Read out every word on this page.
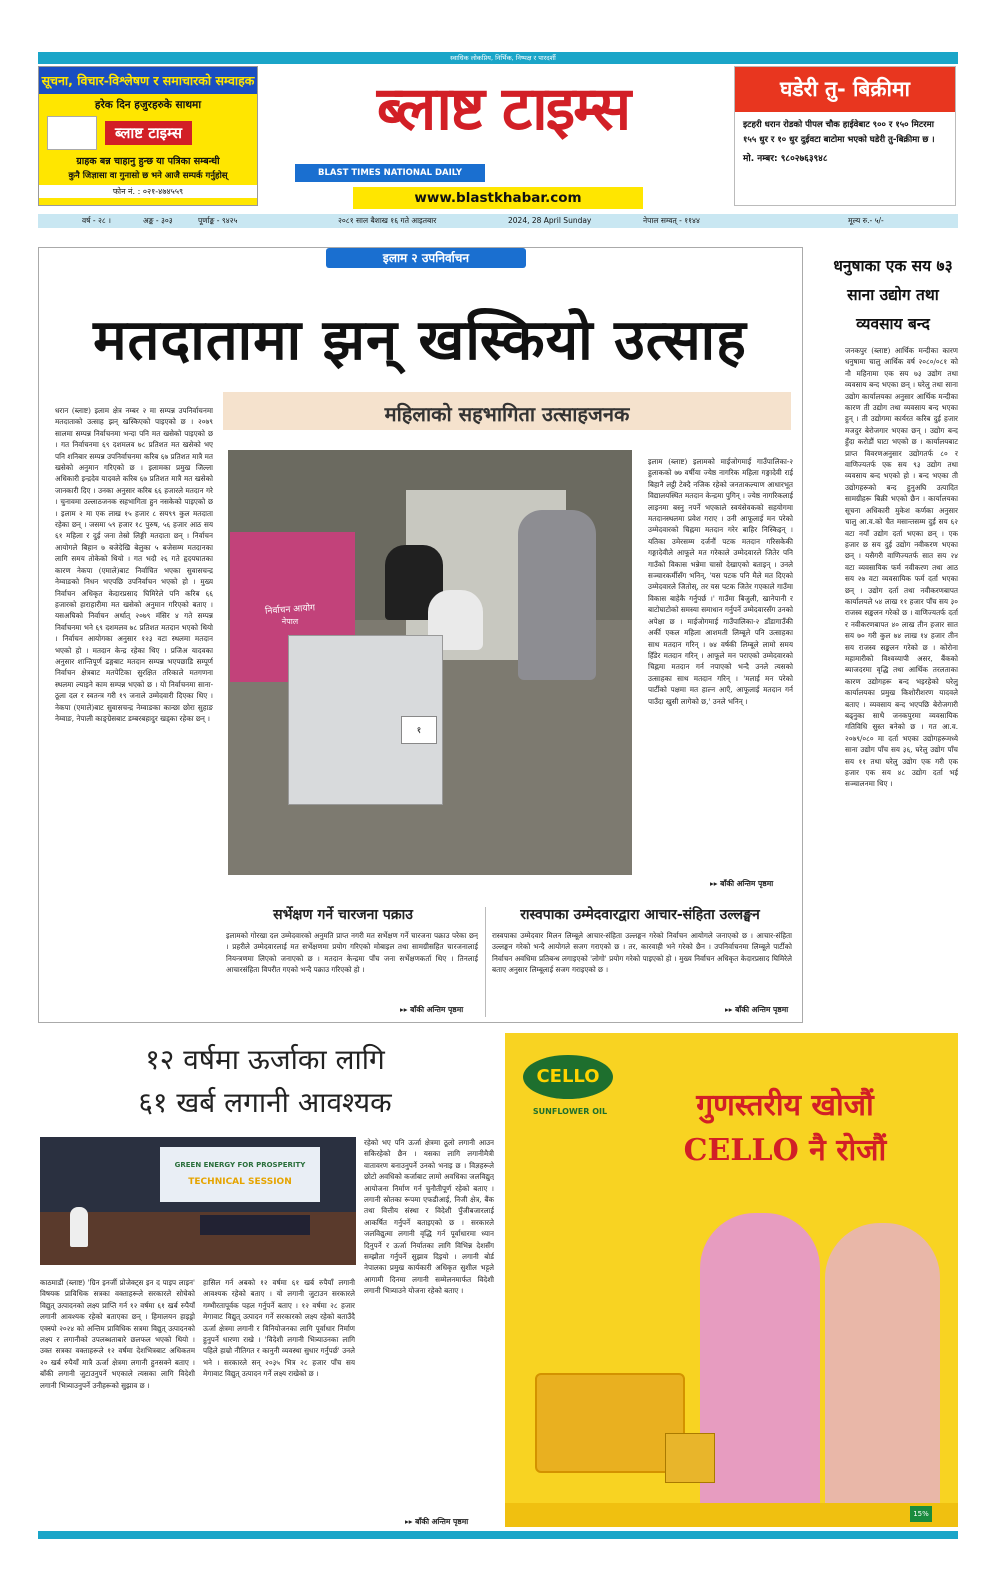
स्वाधिक लोकप्रिय, निर्भिक, निष्पक्ष र पारदर्शी
सूचना, विचार-विश्लेषण र समाचारको सम्वाहक
हरेक दिन हजुरहरुके साथमा
ब्लाष्ट टाइम्स
ग्राहक बन्न चाहानु हुन्छ या पत्रिका सम्बन्धी
कुनै जिज्ञासा वा गुनासो छ भने आजै सम्पर्क गर्नुहोस्
फोन नं. : ०२१-४७४५५९
ब्लाष्ट टाइम्स
BLAST TIMES NATIONAL DAILY
www.blastkhabar.com
घडेरी तु- बिक्रीमा
इटहरी धरान रोडको पीपल चौक हाईवेबाट ९०० र १५० मिटरमा १५५ धुर र १० धुर दुईवटा बाटोमा भएको घडेरी तु-बिक्रीमा छ ।
मो. नम्बर: ९८०२७६३९४८
वर्ष - २८ ।	अङ्क - ३०३	पूर्णाङ्क - ९४२५	२०८१ साल बैशाख १६ गते आइतबार	2024, 28 April Sunday	नेपाल सम्वत् - ११४४	मूल्य रु.- ५/-
इलाम २ उपनिर्वाचन
मतदातामा झन् खस्कियो उत्साह
धरान (ब्लाष्ट) इलाम क्षेत्र नम्बर २ मा सम्पन्न उपनिर्वाचनमा मतदाताको उत्साह झन् खस्किएको पाइएको छ । २०७९ सालमा सम्पन्न निर्वाचनमा भन्दा पनि मत खसेको पाइएको छ । गत निर्वाचनमा ६९ दशमलव ७८ प्रतिशत मत खसेको भए पनि शनिबार सम्पन्न उपनिर्वाचनमा करिब ६७ प्रतिशत मात्रै मत खसेको अनुमान गरिएको छ । इलामका प्रमुख जिल्ला अधिकारी इन्द्रदेव यादवले करिब ६७ प्रतिशत मात्रै मत खसेको जानकारी दिए । उनका अनुसार करिब ६६ हजारले मतदान गरे । चुनावमा उल्लाठजनक सहभागिता हुन नसकेको पाइएको छ । इलाम २ मा एक लाख १५ हजार ८ सय९९ कुल मतदाता रहेका छन् । जसमा ५९ हजार १८ पुरुष, ५६ हजार आठ सय ६१ महिला र दुई जना तेस्रो लिङ्गी मतदाता छन् । निर्वाचन आयोगले बिहान ७ बजेदेखि बेलुका ५ बजेसम्म मतदानका लागि समय तोकेको थियो । गत भदौ २६ गते हृदयघातका कारण नेकपा (एमाले)बाट निर्वाचित भएका सुवासचन्द्र नेम्वाङको निधन भएपछि उपनिर्वाचन भएको हो । मुख्य निर्वाचन अधिकृत केदारप्रसाद घिमिरेले पनि करिब ६६ हजारको हाराहारीमा मत खसेको अनुमान गरिएको बताए । यसअघिको निर्वाचन अर्थात् २०७९ मंसिर ४ गते सम्पन्न निर्वाचनमा भने ६९ दशमलव ७८ प्रतिशत मतदान भएको थियो । निर्वाचन आयोगका अनुसार १२३ वटा स्थलमा मतदान भएको हो । मतदान केन्द्र रहेका थिए । प्रजिअ यादवका अनुसार शान्तिपूर्ण ढङ्गबाट मतदान सम्पन्न भएपछाडि सम्पूर्ण निर्वाचन क्षेत्रबाट मतपेटिका सुरक्षित तरिकाले मतगणना स्थलमा ल्याइने काम सम्पन्न भएको छ । यो निर्वाचनमा साना-ठूला दल र स्वतन्त्र गरी १९ जनाले उम्मेदवारी दिएका थिए । नेकपा (एमाले)बाट सुवासचन्द्र नेम्वाङका कान्छा छोरा सुहाङ नेम्वाङ, नेपाली काङ्ग्रेसबाट डम्बरबहादुर खड्का रहेका छन् ।
महिलाको सहभागिता उत्साहजनक
निर्वाचन आयोग
नेपाल
१
इलाम (ब्लाष्ट) इलामको माईजोगमाई गाउँपालिका-२ हुलाकको ७७ वर्षीया ज्येष्ठ नागरिक महिला गङ्गादेवी राई बिहानै लट्ठी टेक्दै नजिक रहेको जनताकल्याण आधारभूत विद्यालयस्थित मतदान केन्द्रमा पुगिन् । ज्येष्ठ नागरिकलाई लाइनमा बस्नु नपर्ने भएकाले स्वयंसेवकको सहयोगमा मतदानस्थलमा प्रवेश गराए । उनी आफूलाई मन परेको उम्मेदवारको चिह्नमा मतदान गरेर बाहिर निस्किइन् । यतिका उमेरसम्म दर्जनौं पटक मतदान गरिसकेकी गङ्गादेवीले आफूले मत गरेकाले उम्मेदवारले जितेर पनि गाउँको विकास भन्नेमा चासो देखाएको बताइन् । उनले सञ्चारकर्मीसँग भनिन्, 'यस पटक पनि मैले मत दिएको उम्मेदवारले जितोस्, तर यस पटक जितेर गएकाले गाउँमा विकास बाहेकै गर्नुपर्छ ।' गाउँमा बिजुली, खानेपानी र बाटोघाटोको समस्या समाधान गर्नुपर्ने उम्मेदवारसँग उनको अपेक्षा छ । माईजोगमाई गाउँपालिका-२ डाँडागाउँकी अर्की एकल महिला आशमती लिम्बूले पनि उत्साहका साथ मतदान गरिन् । ७४ वर्षकी लिम्बूले लामो समय हिँडेर मतदान गरिन् । आफूले मन पराएको उम्मेदवारको चिह्नमा मतदान गर्न नपाएको भन्दै उनले त्यसको उत्साहका साथ मतदान गरिन् । 'मलाई मन परेको पार्टीको पक्षमा मत हाल्न आएँ, आफूलाई मतदान गर्न पाउँदा खुसी लागेको छ,' उनले भनिन् ।
▸▸ बाँकी अन्तिम पृष्ठमा
सर्भेक्षण गर्ने चारजना पक्राउ
इलामको गोरखा दल उम्मेदवारको अनुमति प्राप्त नगरी मत सर्भेक्षण गर्ने चारजना पक्राउ परेका छन् । प्रहरीले उम्मेदवारलाई मत सर्भेक्षणमा प्रयोग गरिएको मोबाइल तथा सामग्रीसहित चारजनालाई नियन्त्रणमा लिएको जनाएको छ । मतदान केन्द्रमा पाँच जना सर्भेक्षणकर्ता थिए । तिनलाई आचारसंहिता विपरीत गएको भन्दै पक्राउ गरिएको हो ।
▸▸ बाँकी अन्तिम पृष्ठमा
रास्वपाका उम्मेदवारद्वारा आचार-संहिता उल्लङ्घन
रास्वपाका उम्मेदवार मिलन लिम्बूले आचार-संहिता उल्लङ्घन गरेको निर्वाचन आयोगले जनाएको छ । आचार-संहिता उल्लङ्घन गरेको भन्दै आयोगले सजग गराएको छ । तर, कारवाही भने गरेको छैन । उपनिर्वाचनमा लिम्बूले पार्टीको निर्वाचन अवधिमा प्रतिबन्ध लगाइएको 'लोगो' प्रयोग गरेको पाइएको हो । मुख्य निर्वाचन अधिकृत केदारप्रसाद घिमिरेले बताए अनुसार लिम्बूलाई सजग गराइएको छ ।
▸▸ बाँकी अन्तिम पृष्ठमा
धनुषाका एक सय ७३ साना उद्योग तथा व्यवसाय बन्द
जनकपुर (ब्लाष्ट) आर्थिक मन्दीका कारण धनुषामा चालु आर्थिक वर्ष २०८०/०८१ को नौ महिनामा एक सय ७३ उद्योग तथा व्यवसाय बन्द भएका छन् । घरेलु तथा साना उद्योग कार्यालयका अनुसार आर्थिक मन्दीका कारण ती उद्योग तथा व्यवसाय बन्द भएका हुन् । ती उद्योगमा कार्यरत करिब दुई हजार मजदुर बेरोजगार भएका छन् । उद्योग बन्द हुँदा करोडौं घाटा भएको छ । कार्यालयबाट प्राप्त विवरणअनुसार उद्योगतर्फ ८० र वाणिज्यतर्फ एक सय ९३ उद्योग तथा व्यवसाय बन्द भएको हो । बन्द भएका ती उद्योगहरूको बन्द हुनुअघि उत्पादित सामग्रीहरू बिक्री भएको छैन । कार्यालयका सूचना अधिकारी मुकेश कर्णका अनुसार चालु आ.व.को चैत मसान्तसम्म दुई सय ६२ वटा नयाँ उद्योग दर्ता भएका छन् । एक हजार छ सय दुई उद्योग नवीकरण भएका छन् । यसैगरी वाणिज्यतर्फ सात सय २४ वटा व्यवसायिक फर्म नवीकरण तथा आठ सय २७ वटा व्यवसायिक फर्म दर्ता भएका छन् । उद्योग दर्ता तथा नवीकरणबापत कार्यालयले ५४ लाख ११ हजार पाँच सय ३० राजस्व सङ्कलन गरेको छ । वाणिज्यतर्फ दर्ता र नवीकरणबापत ४० लाख तीन हजार सात सय ७० गरी कुल ७४ लाख १४ हजार तीन सय राजस्व सङ्कलन गरेको छ । कोरोना महामारीको विश्वव्यापी असर, बैंकको ब्याजदरमा वृद्धि तथा आर्थिक तरलताका कारण उद्योगहरू बन्द भइरहेको घरेलु कार्यालयका प्रमुख किशोरीशरण यादवले बताए । व्यवसाय बन्द भएपछि बेरोजगारी बढ्नुका साथै जनकपुरमा व्यवसायिक गतिविधि सुस्त बनेको छ । गत आ.व. २०७९/०८० मा दर्ता भएका उद्योगहरूमध्ये साना उद्योग पाँच सय ३६, घरेलु उद्योग पाँच सय ११ तथा घरेलु उद्योग एक गरी एक हजार एक सय ४८ उद्योग दर्ता भई सञ्चालनमा थिए ।
१२ वर्षमा ऊर्जाका लागि
६१ खर्ब लगानी आवश्यक
GREEN ENERGY FOR PROSPERITY
TECHNICAL SESSION
काठमाडौं (ब्लाष्ट) 'ग्रिन इनर्जी प्रोजेक्ट्स इन द पाइप लाइन' विषयक प्राविधिक सत्रका वक्ताहरूले सरकारले सोचेको विद्युत् उत्पादनको लक्ष्य प्राप्ति गर्न १२ वर्षमा ६१ खर्ब रुपैयाँ लगानी आवश्यक रहेको बताएका छन् । हिमालयन हाइड्रो एक्स्पो २०२४ को अन्तिम प्राविधिक सत्रमा विद्युत् उत्पादनको लक्ष्य र लगानीको उपलब्धताबारे छलफल भएको थियो । उक्त सत्रका वक्ताहरूले १२ वर्षमा देशभित्रबाट अधिकतम २० खर्ब रुपैयाँ मात्रै ऊर्जा क्षेत्रमा लगानी हुनसक्ने बताए । बाँकी लगानी जुटाउनुपर्ने भएकाले त्यसका लागि विदेशी लगानी भित्र्याउनुपर्ने उनीहरूको सुझाव छ ।
हासिल गर्न अबको १२ वर्षमा ६१ खर्ब रुपैयाँ लगानी आवश्यक रहेको बताए । यो लगानी जुटाउन सरकारले गम्भीरतापूर्वक पहल गर्नुपर्ने बताए । १२ वर्षमा २८ हजार मेगावाट विद्युत् उत्पादन गर्ने सरकारको लक्ष्य रहेको बताउँदै ऊर्जा क्षेत्रमा लगानी र विनियोजनका लागि पूर्वाधार निर्माण हुनुपर्ने धारणा राखे । 'विदेशी लगानी भित्र्याउनका लागि पहिले हाम्रो नीतिगत र कानुनी व्यवस्था सुधार गर्नुपर्छ' उनले भने । सरकारले सन् २०३५ भित्र २८ हजार पाँच सय मेगावाट विद्युत् उत्पादन गर्ने लक्ष्य राखेको छ ।
रहेको भए पनि ऊर्जा क्षेत्रमा ठूलो लगानी आउन सकिरहेको छैन । यसका लागि लगानीमैत्री वातावरण बनाउनुपर्ने उनको भनाइ छ । विज्ञहरूले छोटो अवधिको कर्जाबाट लामो अवधिका जलविद्युत् आयोजना निर्माण गर्न चुनौतीपूर्ण रहेको बताए । लगानी स्रोतका रूपमा एफडीआई, निजी क्षेत्र, बैंक तथा वित्तीय संस्था र विदेशी पुँजीबजारलाई आकर्षित गर्नुपर्ने बताइएको छ । सरकारले जलविद्युत्मा लगानी वृद्धि गर्न पूर्वाधारमा ध्यान दिनुपर्ने र ऊर्जा निर्यातका लागि विभिन्न देशसँग सम्झौता गर्नुपर्ने सुझाव दिइयो । लगानी बोर्ड नेपालका प्रमुख कार्यकारी अधिकृत सुशील भट्टले आगामी दिनमा लगानी सम्मेलनमार्फत विदेशी लगानी भित्र्याउने योजना रहेको बताए ।
▸▸ बाँकी अन्तिम पृष्ठमा
CELLO
SUNFLOWER OIL	गुणस्तरीय खोजौं
CELLO नै रोजौं
15%
